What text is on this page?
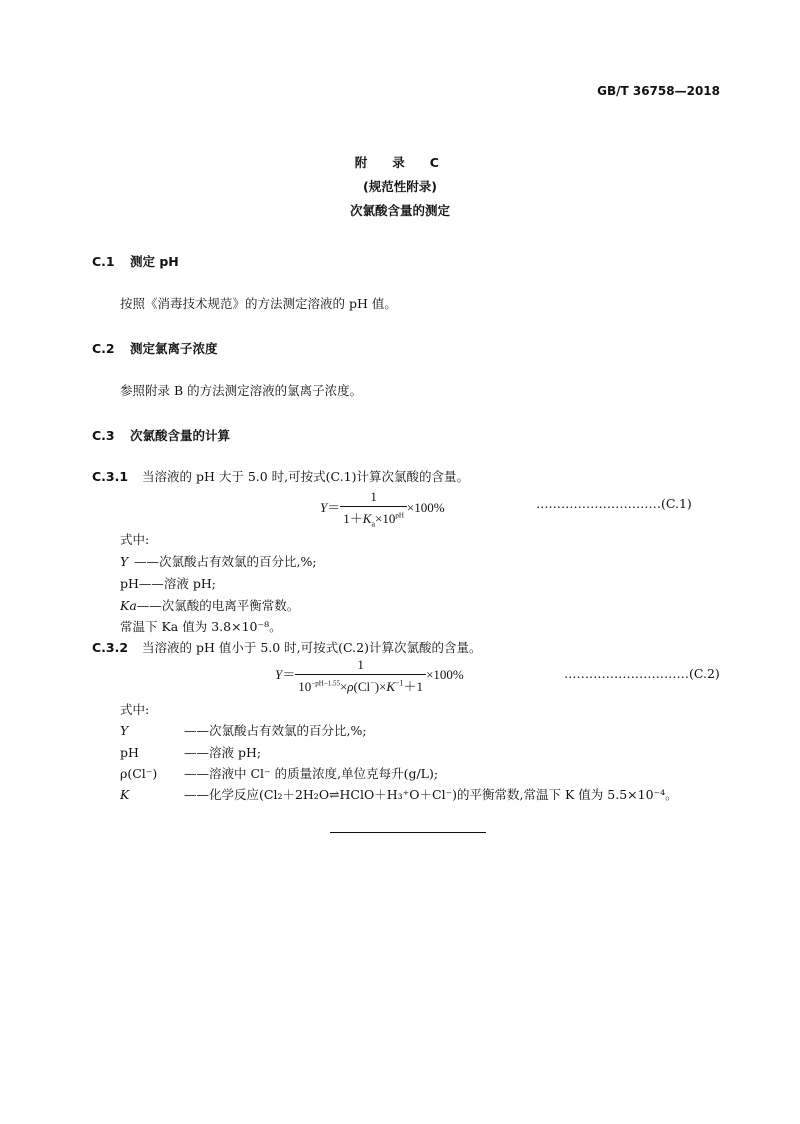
GB/T 36758—2018
附　录　C
(规范性附录)
次氯酸含量的测定
C.1 测定 pH
按照《消毒技术规范》的方法测定溶液的 pH 值。
C.2 测定氯离子浓度
参照附录 B 的方法测定溶液的氯离子浓度。
C.3 次氯酸含量的计算
C.3.1 当溶液的 pH 大于 5.0 时,可按式(C.1)计算次氯酸的含量。
$Y= \frac{1}{1+K_a\times 10^{pH}} \times 100\%$	…………………………(C.1)
式中:
Y ——次氯酸占有效氯的百分比,%;
pH——溶液 pH;
Ka——次氯酸的电离平衡常数。
常温下 Ka 值为 3.8×10⁻⁸。
C.3.2 当溶液的 pH 值小于 5.0 时,可按式(C.2)计算次氯酸的含量。
$Y= \frac{1}{10^{-pH-1.55}\times\rho(Cl^-)\times K^{-1}+1} \times 100\%$	…………………………(C.2)
式中:
Y	——次氯酸占有效氯的百分比,%;
pH	——溶液 pH;
ρ(Cl⁻) ——溶液中 Cl⁻ 的质量浓度,单位克每升(g/L);
K	——化学反应(Cl₂＋2H₂O⇌HClO＋H₃⁺O＋Cl⁻)的平衡常数,常温下 K 值为 5.5×10⁻⁴。
